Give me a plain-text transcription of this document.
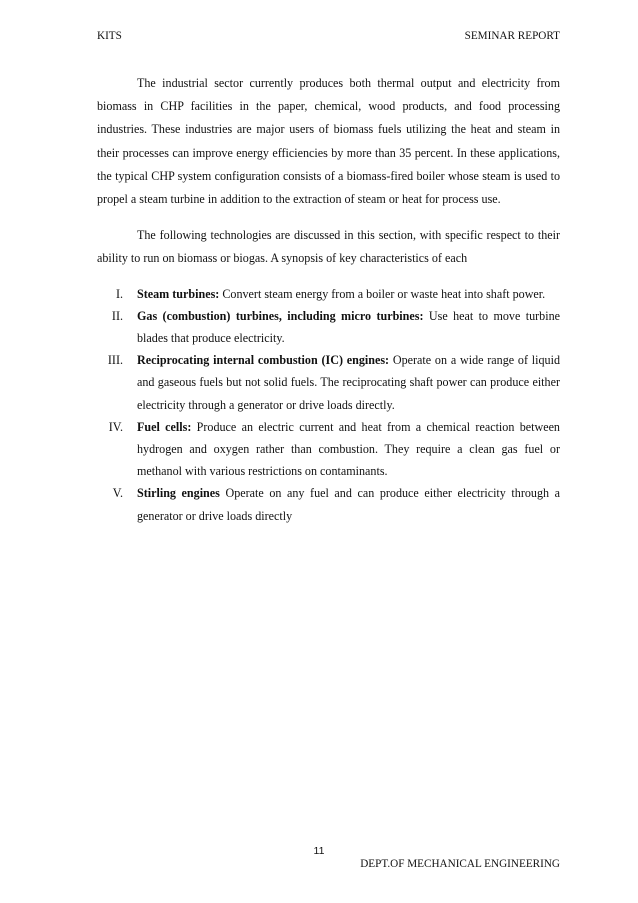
KITS	SEMINAR REPORT

The industrial sector currently produces both thermal output and electricity from biomass in CHP facilities in the paper, chemical, wood products, and food processing industries. These industries are major users of biomass fuels utilizing the heat and steam in their processes can improve energy efficiencies by more than 35 percent. In these applications, the typical CHP system configuration consists of a biomass-fired boiler whose steam is used to propel a steam turbine in addition to the extraction of steam or heat for process use.

The following technologies are discussed in this section, with specific respect to their ability to run on biomass or biogas. A synopsis of key characteristics of each

I. Steam turbines: Convert steam energy from a boiler or waste heat into shaft power.
II. Gas (combustion) turbines, including micro turbines: Use heat to move turbine blades that produce electricity.
III. Reciprocating internal combustion (IC) engines: Operate on a wide range of liquid and gaseous fuels but not solid fuels. The reciprocating shaft power can produce either electricity through a generator or drive loads directly.
IV. Fuel cells: Produce an electric current and heat from a chemical reaction between hydrogen and oxygen rather than combustion. They require a clean gas fuel or methanol with various restrictions on contaminants.
V. Stirling engines Operate on any fuel and can produce either electricity through a generator or drive loads directly
11
DEPT.OF MECHANICAL ENGINEERING
